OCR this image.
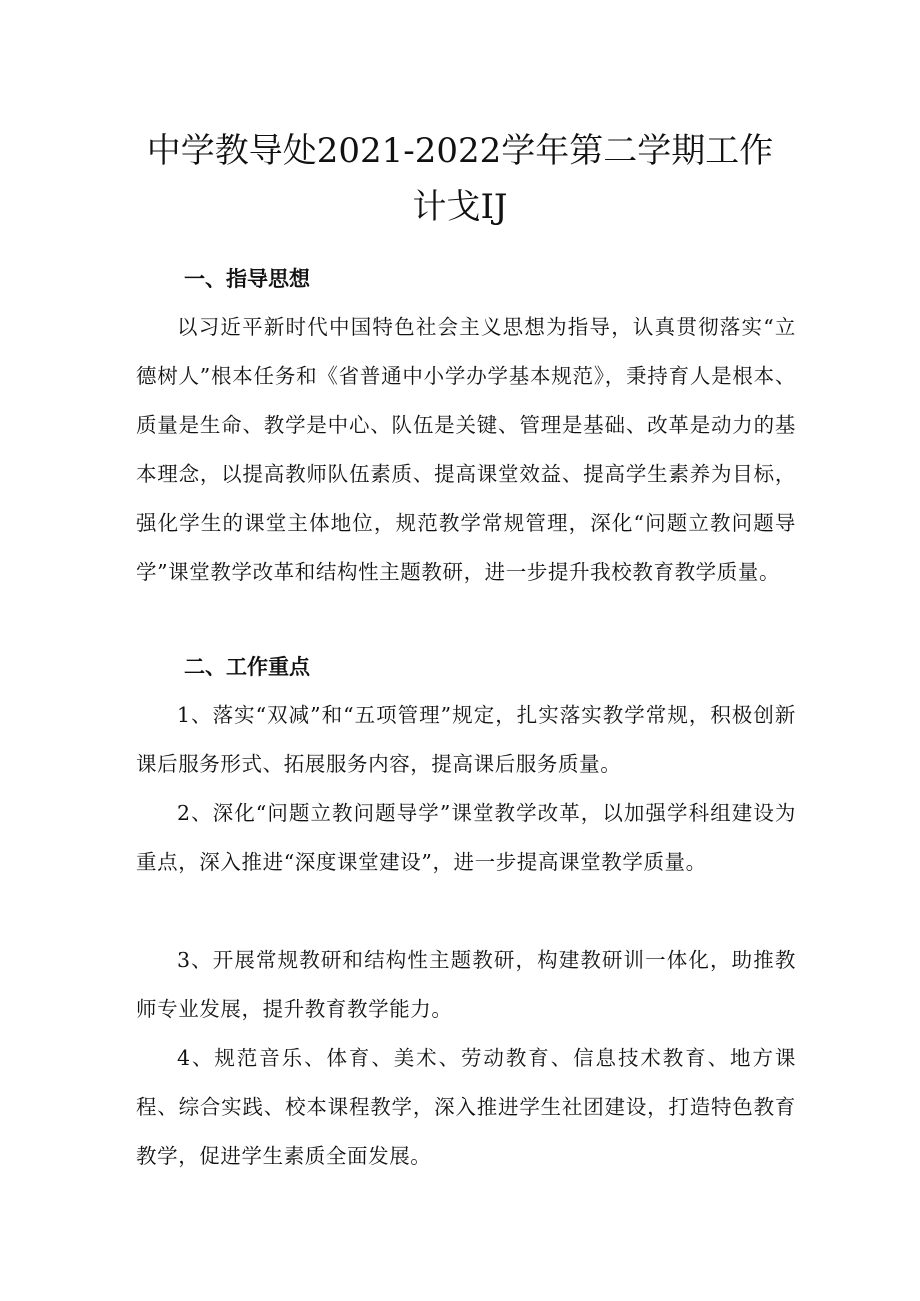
中学教导处2021-2022学年第二学期工作
计戈IJ
一、指导思想

以习近平新时代中国特色社会主义思想为指导，认真贯彻落实“立德树人”根本任务和《省普通中小学办学基本规范》，秉持育人是根本、质量是生命、教学是中心、队伍是关键、管理是基础、改革是动力的基本理念，以提高教师队伍素质、提高课堂效益、提高学生素养为目标，强化学生的课堂主体地位，规范教学常规管理，深化“问题立教问题导学”课堂教学改革和结构性主题教研，进一步提升我校教育教学质量。

二、工作重点

1、落实“双减”和“五项管理”规定，扎实落实教学常规，积极创新课后服务形式、拓展服务内容，提高课后服务质量。

2、深化“问题立教问题导学”课堂教学改革，以加强学科组建设为重点，深入推进“深度课堂建设”，进一步提高课堂教学质量。

3、开展常规教研和结构性主题教研，构建教研训一体化，助推教师专业发展，提升教育教学能力。

4、规范音乐、体育、美术、劳动教育、信息技术教育、地方课程、综合实践、校本课程教学，深入推进学生社团建设，打造特色教育教学，促进学生素质全面发展。
